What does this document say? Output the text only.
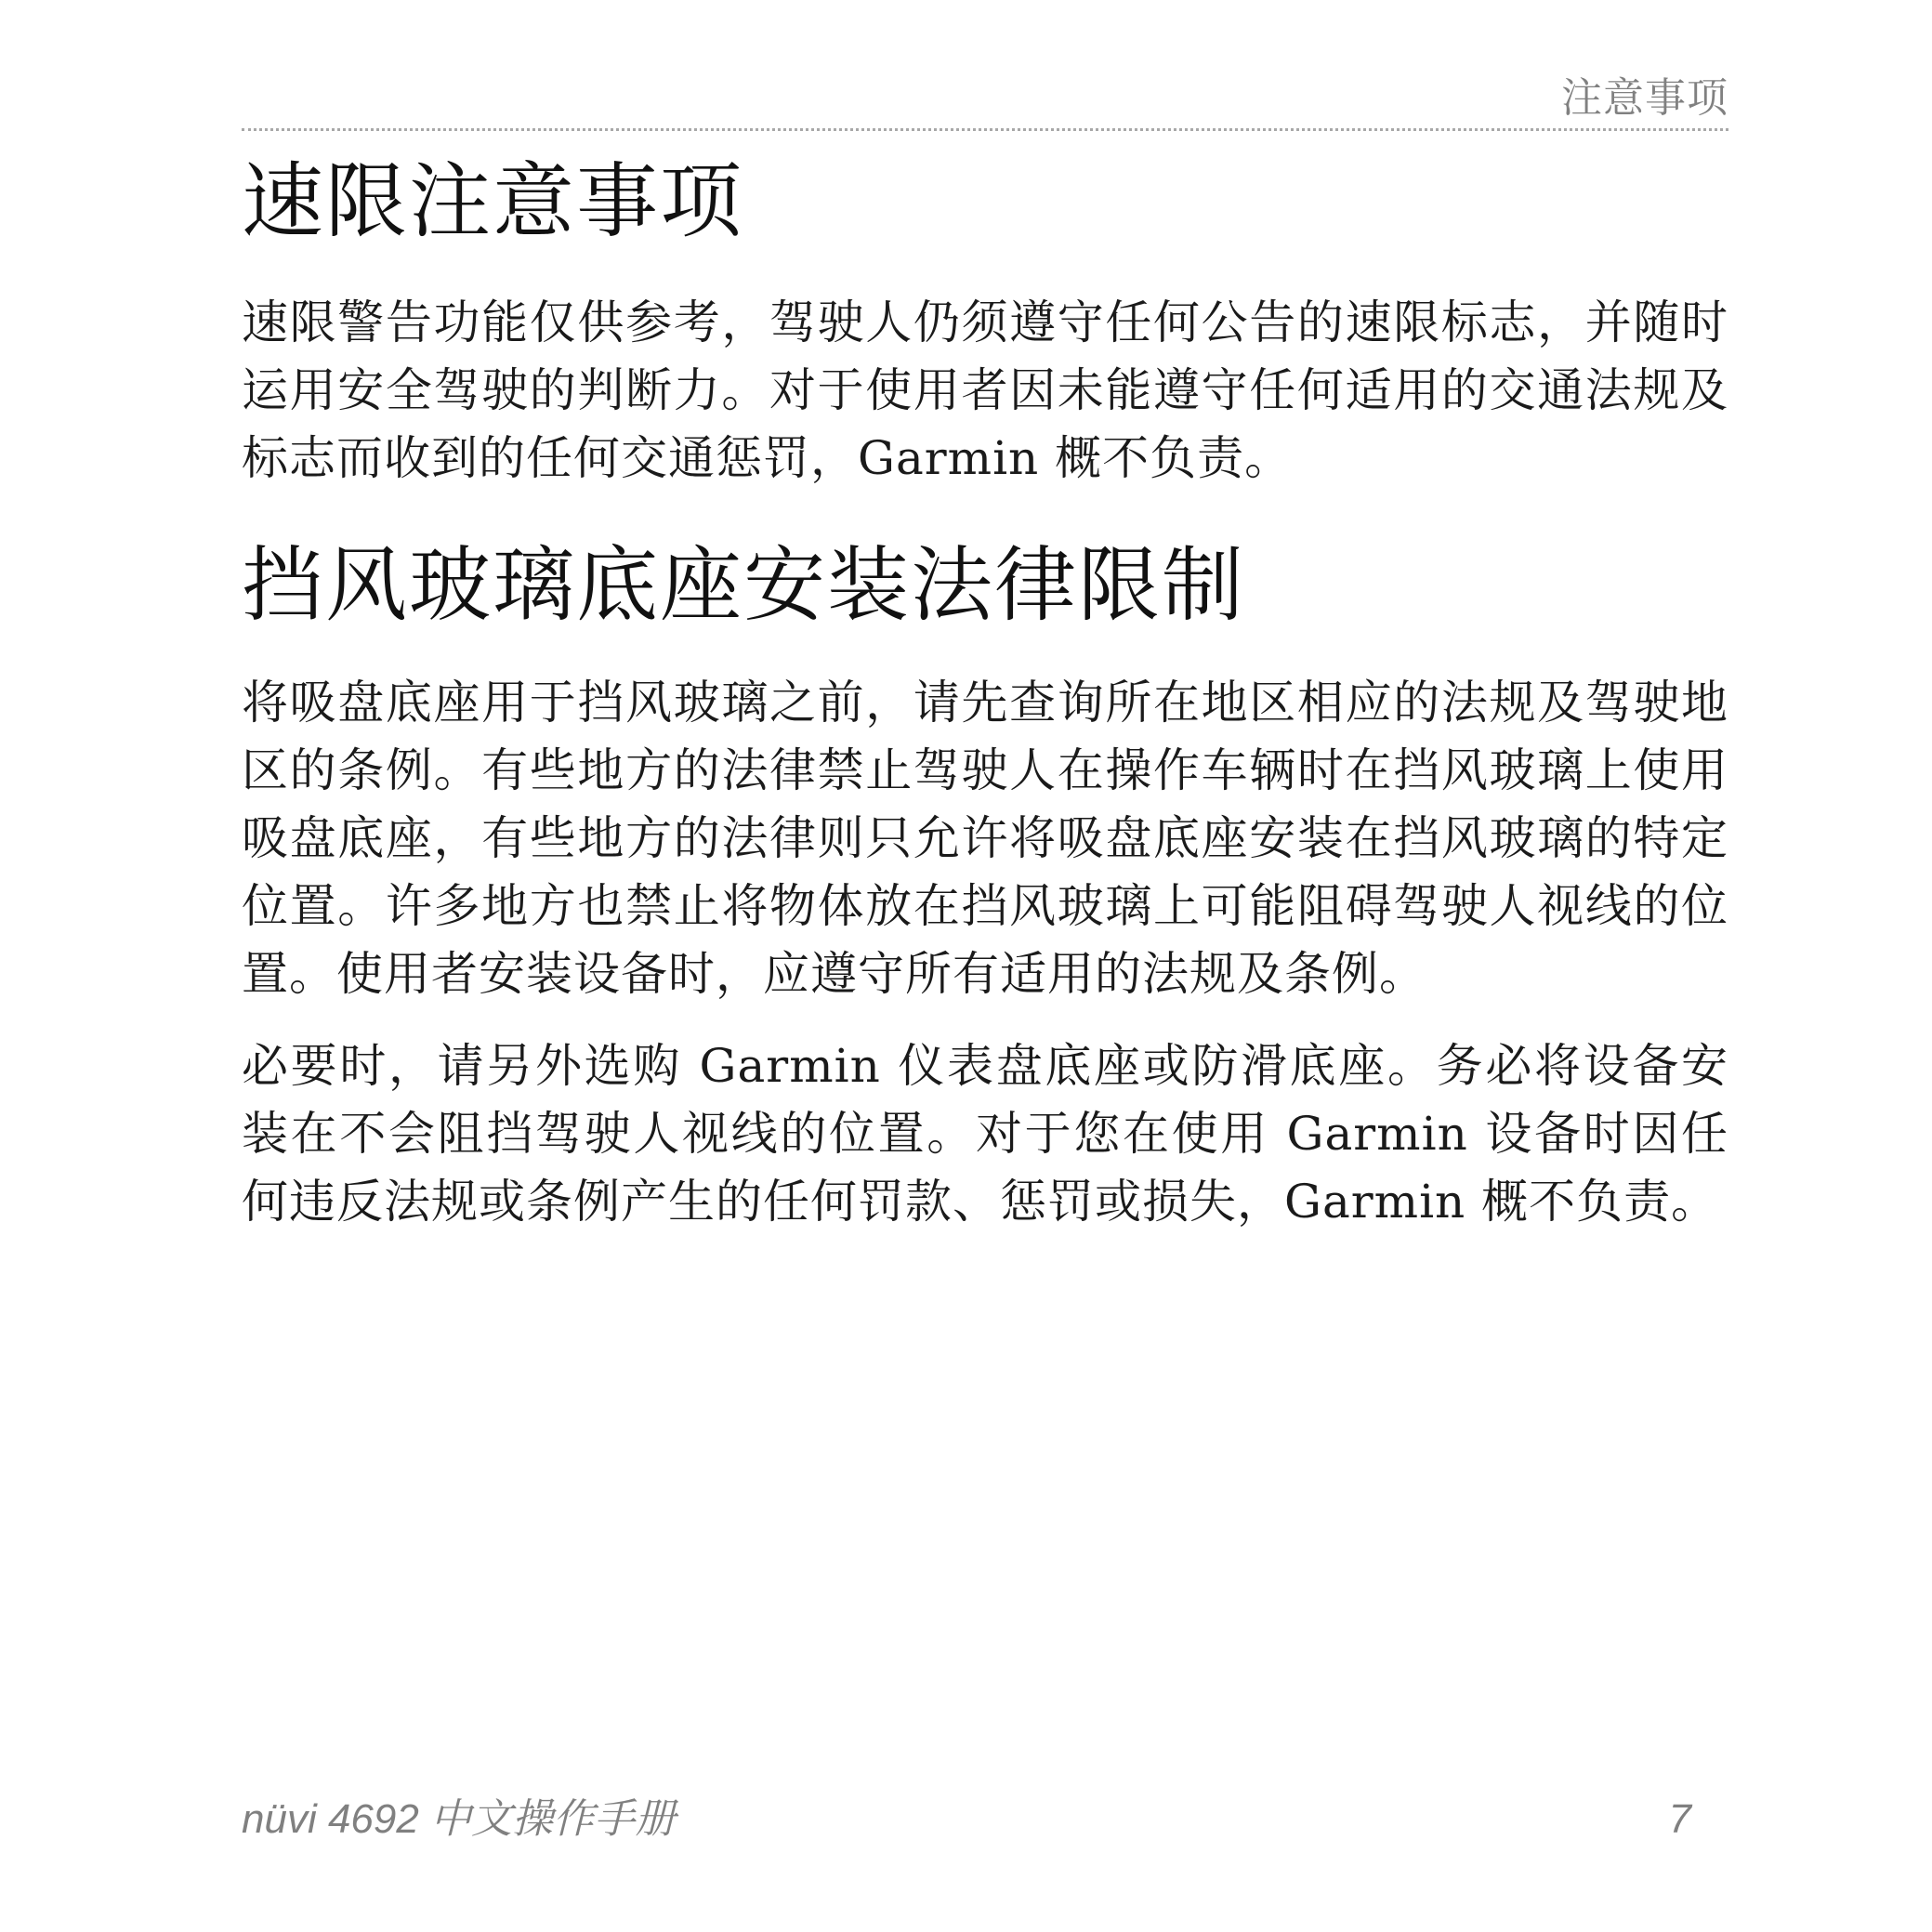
注意事项
速限注意事项

速限警告功能仅供参考，驾驶人仍须遵守任何公告的速限标志，并随时运用安全驾驶的判断力。对于使用者因未能遵守任何适用的交通法规及标志而收到的任何交通惩罚，Garmin 概不负责。

挡风玻璃底座安装法律限制

将吸盘底座用于挡风玻璃之前，请先查询所在地区相应的法规及驾驶地区的条例。有些地方的法律禁止驾驶人在操作车辆时在挡风玻璃上使用吸盘底座，有些地方的法律则只允许将吸盘底座安装在挡风玻璃的特定位置。许多地方也禁止将物体放在挡风玻璃上可能阻碍驾驶人视线的位置。使用者安装设备时，应遵守所有适用的法规及条例。

必要时，请另外选购 Garmin 仪表盘底座或防滑底座。务必将设备安装在不会阻挡驾驶人视线的位置。对于您在使用 Garmin 设备时因任何违反法规或条例产生的任何罚款、惩罚或损失，Garmin 概不负责。

nüvi 4692 中文操作手册	7
